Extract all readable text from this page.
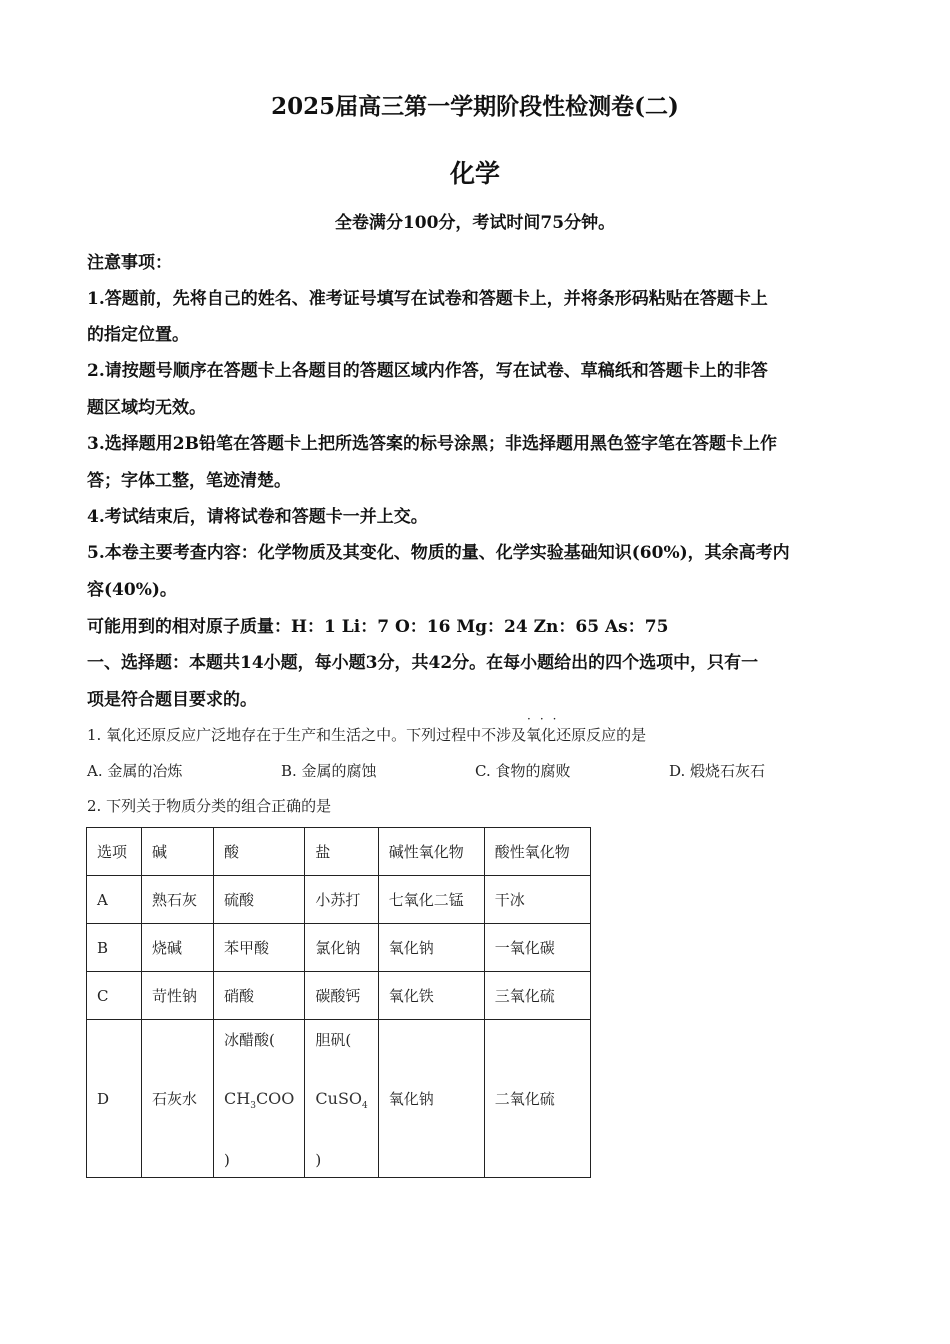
2025届高三第一学期阶段性检测卷(二)
化学
全卷满分100分，考试时间75分钟。
注意事项：
1.答题前，先将自己的姓名、准考证号填写在试卷和答题卡上，并将条形码粘贴在答题卡上
的指定位置。
2.请按题号顺序在答题卡上各题目的答题区域内作答，写在试卷、草稿纸和答题卡上的非答
题区域均无效。
3.选择题用2B铅笔在答题卡上把所选答案的标号涂黑；非选择题用黑色签字笔在答题卡上作
答；字体工整，笔迹清楚。
4.考试结束后，请将试卷和答题卡一并上交。
5.本卷主要考查内容：化学物质及其变化、物质的量、化学实验基础知识(60%)，其余高考内
容(40%)。
可能用到的相对原子质量：H：1 Li：7 O：16 Mg：24 Zn：65 As：75
一、选择题：本题共14小题，每小题3分，共42分。在每小题给出的四个选项中，只有一
项是符合题目要求的。
···
1. 氧化还原反应广泛地存在于生产和生活之中。下列过程中不涉及氧化还原反应的是
A. 金属的冶炼	B. 金属的腐蚀	C. 食物的腐败	D. 煅烧石灰石
2. 下列关于物质分类的组合正确的是
选项	碱	酸	盐	碱性氧化物	酸性氧化物
A	熟石灰	硫酸	小苏打	七氧化二锰	干冰
B	烧碱	苯甲酸	氯化钠	氧化钠	一氧化碳
C	苛性钠	硝酸	碳酸钙	氧化铁	三氧化硫
D	石灰水	冰醋酸(
$CH_3COO$
)	胆矾(
CuSO$_4$
)	氧化钠	二氧化硫
